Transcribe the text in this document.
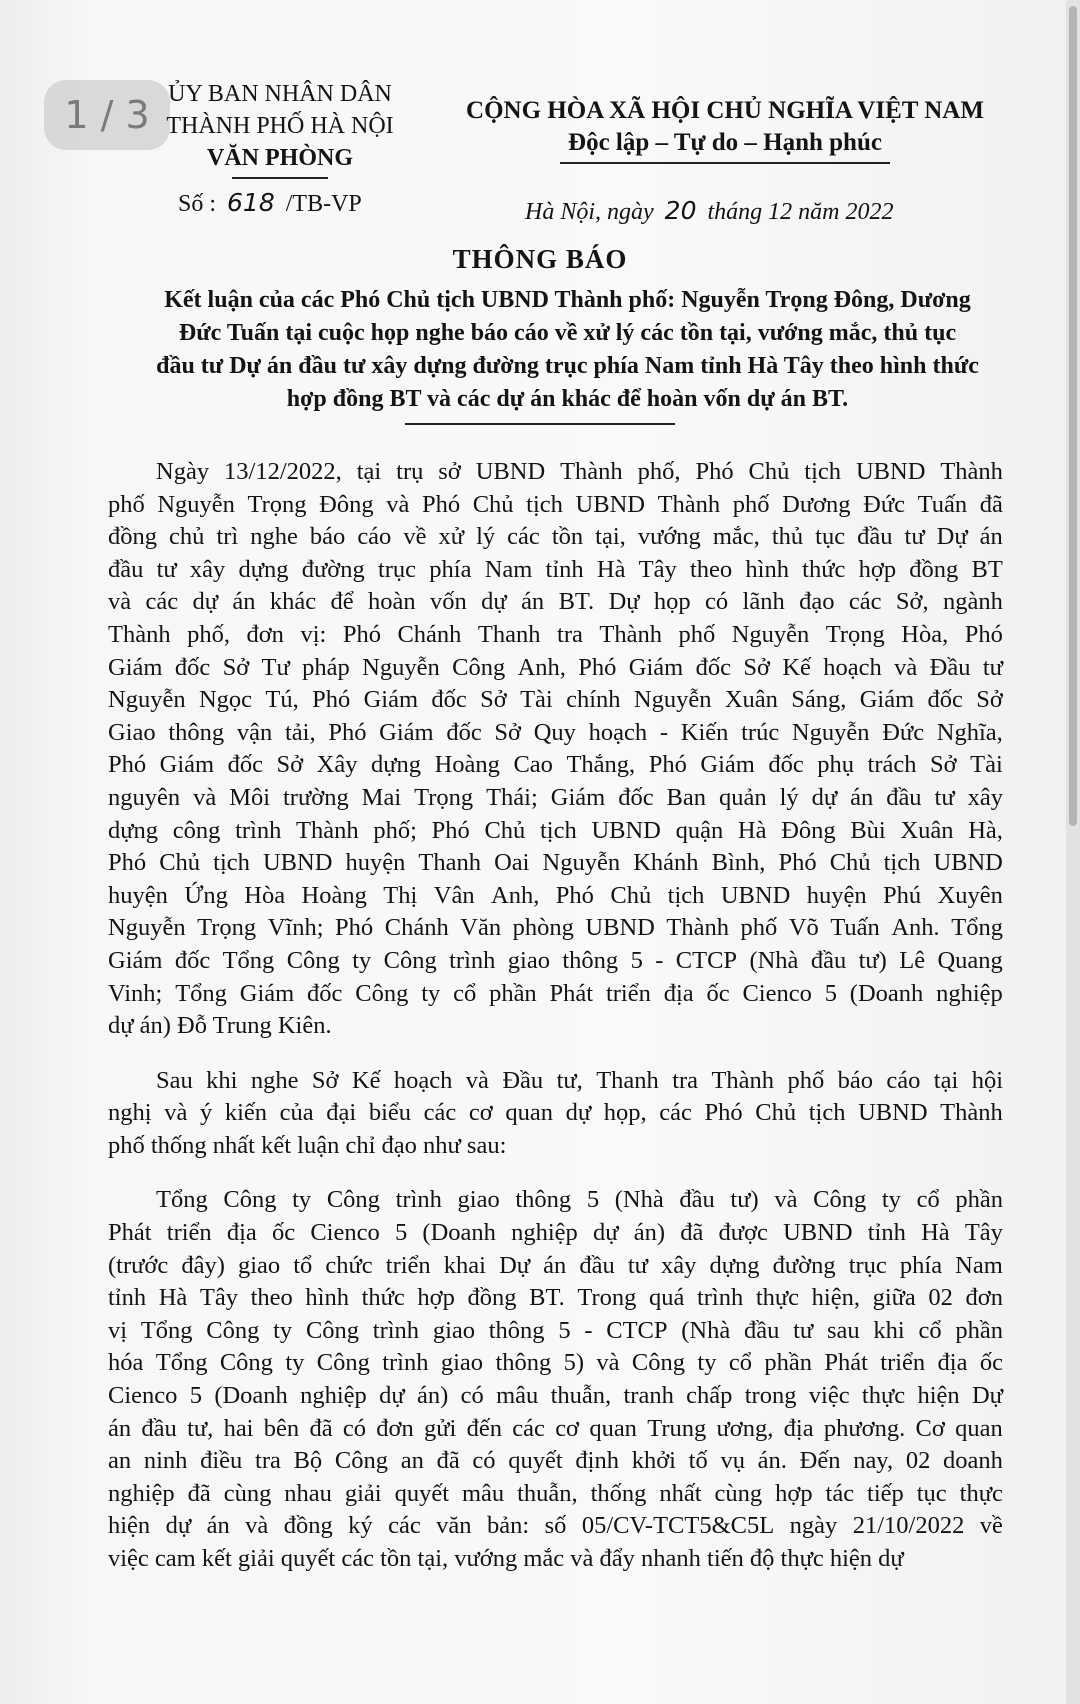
1 / 3 ỦY BAN NHÂN DÂN
THÀNH PHỐ HÀ NỘI
VĂN PHÒNG
Số : 618 /TB-VP
CỘNG HÒA XÃ HỘI CHỦ NGHĨA VIỆT NAM
Độc lập – Tự do – Hạnh phúc
Hà Nội, ngày 20 tháng 12 năm 2022
THÔNG BÁO
Kết luận của các Phó Chủ tịch UBND Thành phố: Nguyễn Trọng Đông, Dương
Đức Tuấn tại cuộc họp nghe báo cáo về xử lý các tồn tại, vướng mắc, thủ tục
đầu tư Dự án đầu tư xây dựng đường trục phía Nam tỉnh Hà Tây theo hình thức
hợp đồng BT và các dự án khác để hoàn vốn dự án BT.
Ngày 13/12/2022, tại trụ sở UBND Thành phố, Phó Chủ tịch UBND Thành
phố Nguyễn Trọng Đông và Phó Chủ tịch UBND Thành phố Dương Đức Tuấn đã
đồng chủ trì nghe báo cáo về xử lý các tồn tại, vướng mắc, thủ tục đầu tư Dự án
đầu tư xây dựng đường trục phía Nam tỉnh Hà Tây theo hình thức hợp đồng BT
và các dự án khác để hoàn vốn dự án BT. Dự họp có lãnh đạo các Sở, ngành
Thành phố, đơn vị: Phó Chánh Thanh tra Thành phố Nguyễn Trọng Hòa, Phó
Giám đốc Sở Tư pháp Nguyễn Công Anh, Phó Giám đốc Sở Kế hoạch và Đầu tư
Nguyễn Ngọc Tú, Phó Giám đốc Sở Tài chính Nguyễn Xuân Sáng, Giám đốc Sở
Giao thông vận tải, Phó Giám đốc Sở Quy hoạch - Kiến trúc Nguyễn Đức Nghĩa,
Phó Giám đốc Sở Xây dựng Hoàng Cao Thắng, Phó Giám đốc phụ trách Sở Tài
nguyên và Môi trường Mai Trọng Thái; Giám đốc Ban quản lý dự án đầu tư xây
dựng công trình Thành phố; Phó Chủ tịch UBND quận Hà Đông Bùi Xuân Hà,
Phó Chủ tịch UBND huyện Thanh Oai Nguyễn Khánh Bình, Phó Chủ tịch UBND
huyện Ứng Hòa Hoàng Thị Vân Anh, Phó Chủ tịch UBND huyện Phú Xuyên
Nguyễn Trọng Vĩnh; Phó Chánh Văn phòng UBND Thành phố Võ Tuấn Anh. Tổng
Giám đốc Tổng Công ty Công trình giao thông 5 - CTCP (Nhà đầu tư) Lê Quang
Vinh; Tổng Giám đốc Công ty cổ phần Phát triển địa ốc Cienco 5 (Doanh nghiệp
dự án) Đỗ Trung Kiên.
Sau khi nghe Sở Kế hoạch và Đầu tư, Thanh tra Thành phố báo cáo tại hội
nghị và ý kiến của đại biểu các cơ quan dự họp, các Phó Chủ tịch UBND Thành
phố thống nhất kết luận chỉ đạo như sau:
Tổng Công ty Công trình giao thông 5 (Nhà đầu tư) và Công ty cổ phần
Phát triển địa ốc Cienco 5 (Doanh nghiệp dự án) đã được UBND tỉnh Hà Tây
(trước đây) giao tổ chức triển khai Dự án đầu tư xây dựng đường trục phía Nam
tỉnh Hà Tây theo hình thức hợp đồng BT. Trong quá trình thực hiện, giữa 02 đơn
vị Tổng Công ty Công trình giao thông 5 - CTCP (Nhà đầu tư sau khi cổ phần
hóa Tổng Công ty Công trình giao thông 5) và Công ty cổ phần Phát triển địa ốc
Cienco 5 (Doanh nghiệp dự án) có mâu thuẫn, tranh chấp trong việc thực hiện Dự
án đầu tư, hai bên đã có đơn gửi đến các cơ quan Trung ương, địa phương. Cơ quan
an ninh điều tra Bộ Công an đã có quyết định khởi tố vụ án. Đến nay, 02 doanh
nghiệp đã cùng nhau giải quyết mâu thuẫn, thống nhất cùng hợp tác tiếp tục thực
hiện dự án và đồng ký các văn bản: số 05/CV-TCT5&C5L ngày 21/10/2022 về
việc cam kết giải quyết các tồn tại, vướng mắc và đẩy nhanh tiến độ thực hiện dự
